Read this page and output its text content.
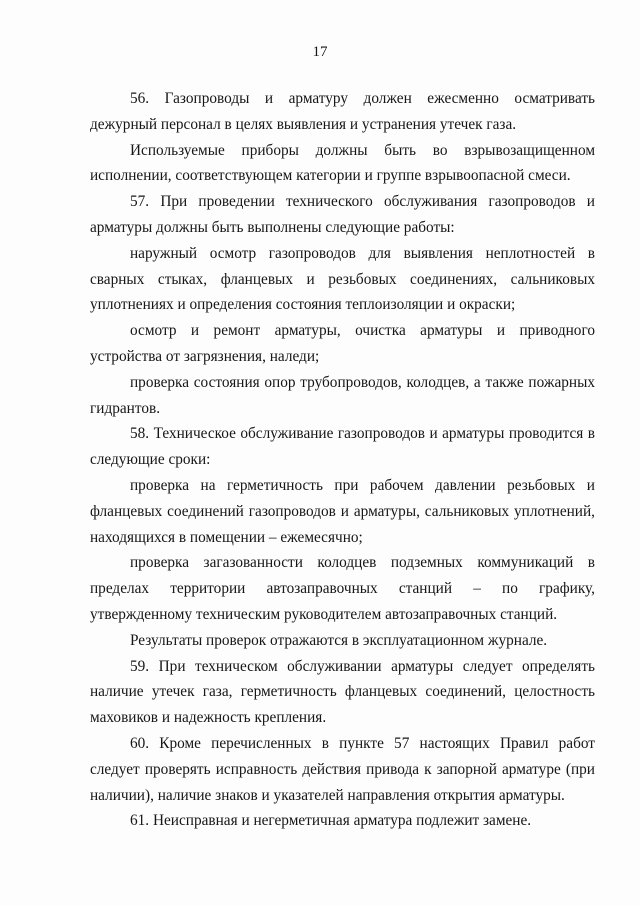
17

56. Газопроводы и арматуру должен ежесменно осматривать дежурный персонал в целях выявления и устранения утечек газа.

Используемые приборы должны быть во взрывозащищенном исполнении, соответствующем категории и группе взрывоопасной смеси.

57. При проведении технического обслуживания газопроводов и арматуры должны быть выполнены следующие работы:

наружный осмотр газопроводов для выявления неплотностей в сварных стыках, фланцевых и резьбовых соединениях, сальниковых уплотнениях и определения состояния теплоизоляции и окраски;

осмотр и ремонт арматуры, очистка арматуры и приводного устройства от загрязнения, наледи;

проверка состояния опор трубопроводов, колодцев, а также пожарных гидрантов.

58. Техническое обслуживание газопроводов и арматуры проводится в следующие сроки:

проверка на герметичность при рабочем давлении резьбовых и фланцевых соединений газопроводов и арматуры, сальниковых уплотнений, находящихся в помещении – ежемесячно;

проверка загазованности колодцев подземных коммуникаций в пределах территории автозаправочных станций – по графику, утвержденному техническим руководителем автозаправочных станций.

Результаты проверок отражаются в эксплуатационном журнале.

59. При техническом обслуживании арматуры следует определять наличие утечек газа, герметичность фланцевых соединений, целостность маховиков и надежность крепления.

60. Кроме перечисленных в пункте 57 настоящих Правил работ следует проверять исправность действия привода к запорной арматуре (при наличии), наличие знаков и указателей направления открытия арматуры.

61. Неисправная и негерметичная арматура подлежит замене.
